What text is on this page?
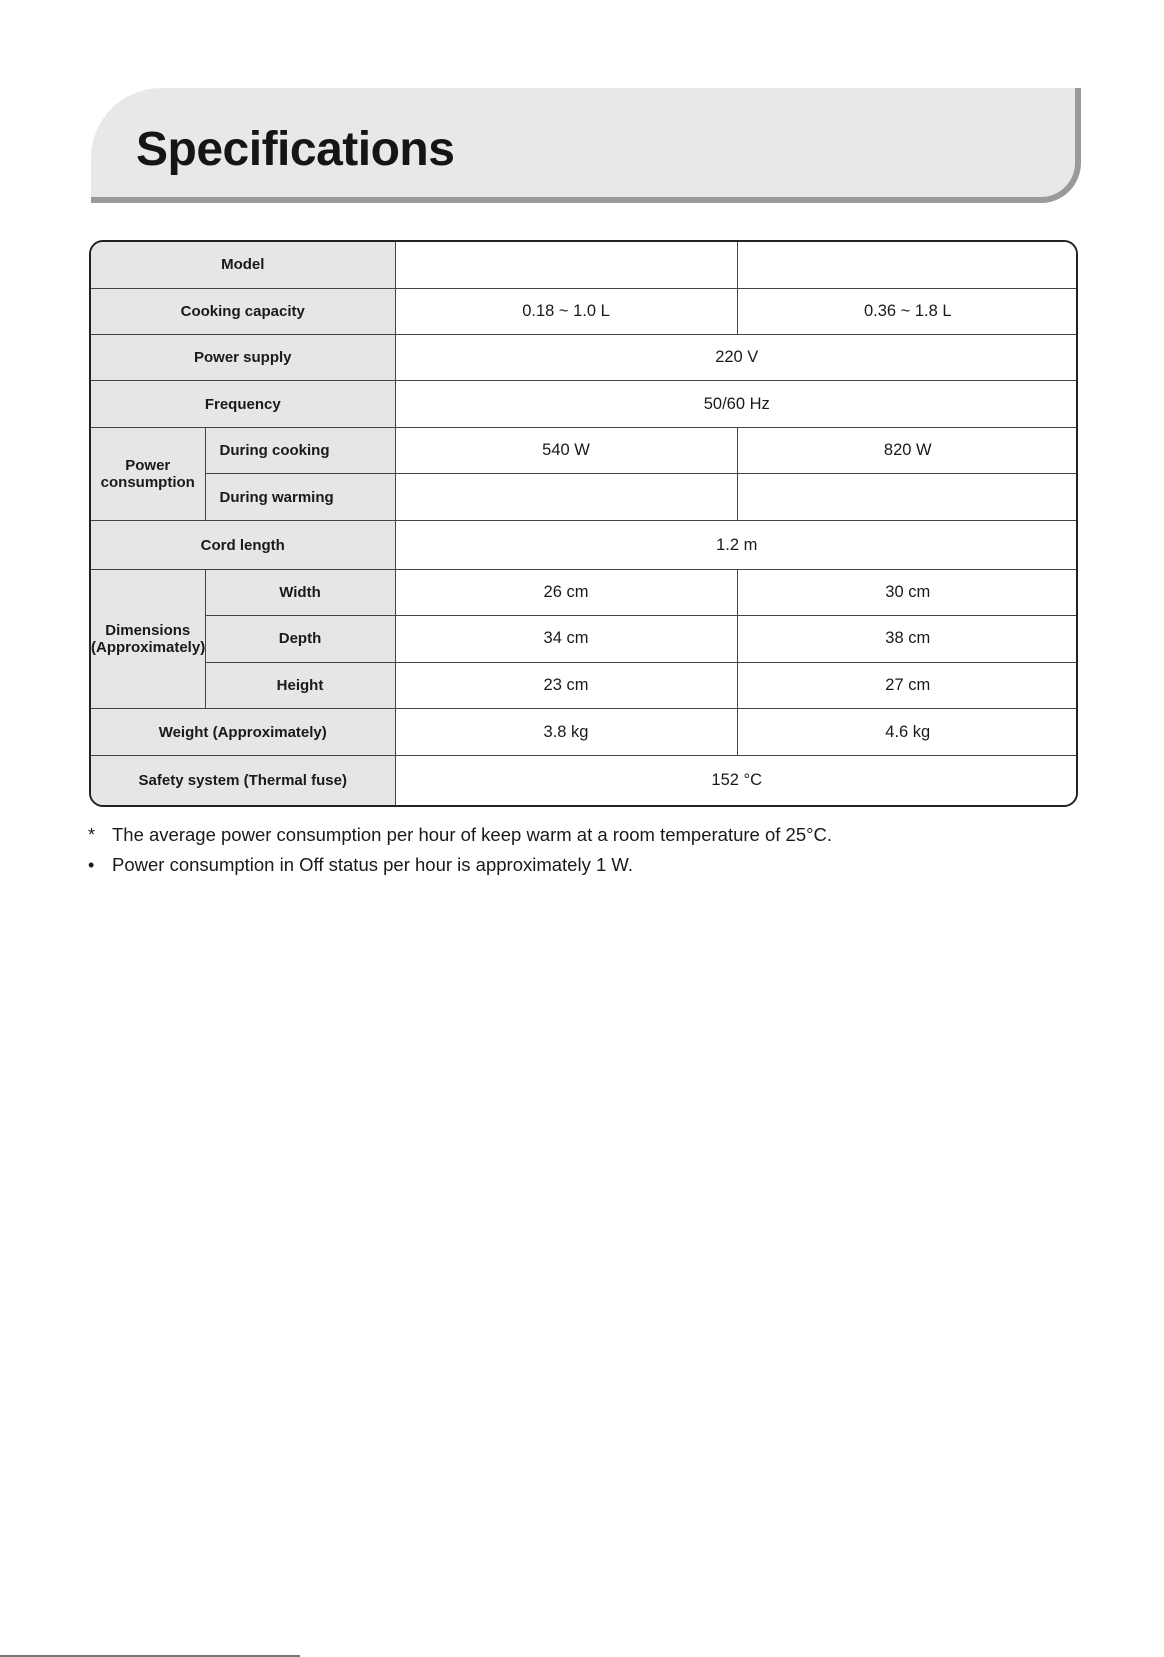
Specifications
Model			
Cooking capacity		0.18 ~ 1.0 L	0.36 ~ 1.8 L
Power supply		220 V	
Frequency		50/60 Hz	
Power
consumption	During cooking	540 W	820 W
	During warming		
Cord length		1.2 m	
Dimensions
(Approximately)	Width	26 cm	30 cm
	Depth	34 cm	38 cm
	Height	23 cm	27 cm
Weight (Approximately)		3.8 kg	4.6 kg
Safety system (Thermal fuse)		152 °C	
* The average power consumption per hour of keep warm at a room temperature of 25°C.
• Power consumption in Off status per hour is approximately 1 W.
